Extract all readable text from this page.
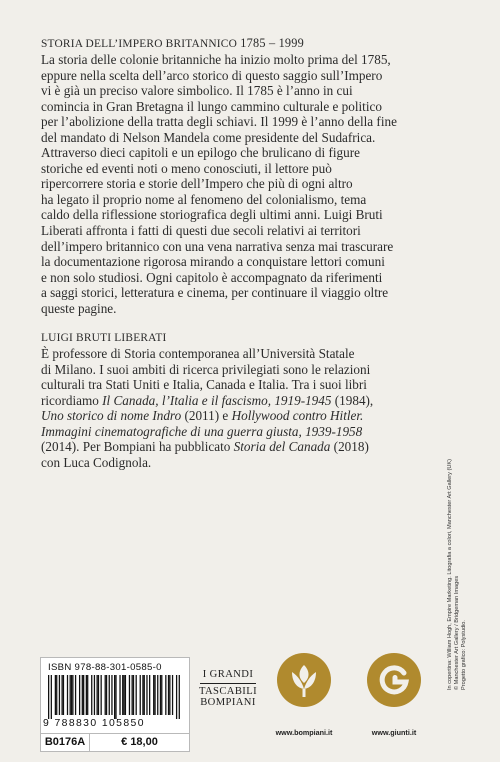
STORIA DELL’IMPERO BRITANNICO 1785 – 1999

La storia delle colonie britanniche ha inizio molto prima del 1785,

eppure nella scelta dell’arco storico di questo saggio sull’Impero

vi è già un preciso valore simbolico. Il 1785 è l’anno in cui

comincia in Gran Bretagna il lungo cammino culturale e politico

per l’abolizione della tratta degli schiavi. Il 1999 è l’anno della fine

del mandato di Nelson Mandela come presidente del Sudafrica.

Attraverso dieci capitoli e un epilogo che brulicano di figure

storiche ed eventi noti o meno conosciuti, il lettore può

ripercorrere storia e storie dell’Impero che più di ogni altro

ha legato il proprio nome al fenomeno del colonialismo, tema

caldo della riflessione storiografica degli ultimi anni. Luigi Bruti

Liberati affronta i fatti di questi due secoli relativi ai territori

dell’impero britannico con una vena narrativa senza mai trascurare

la documentazione rigorosa mirando a conquistare lettori comuni

e non solo studiosi. Ogni capitolo è accompagnato da riferimenti

a saggi storici, letteratura e cinema, per continuare il viaggio oltre

queste pagine.

LUIGI BRUTI LIBERATI

È professore di Storia contemporanea all’Università Statale

di Milano. I suoi ambiti di ricerca privilegiati sono le relazioni

culturali tra Stati Uniti e Italia, Canada e Italia. Tra i suoi libri

ricordiamo Il Canada, l’Italia e il fascismo, 1919-1945 (1984),

Uno storico di nome Indro (2011) e Hollywood contro Hitler.

Immagini cinematografiche di una guerra giusta, 1939-1958

(2014). Per Bompiani ha pubblicato Storia del Canada (2018)

con Luca Codignola.	In copertina: William Hogh, Empire Marketing. Litografia a colori, Manchester Art Gallery (UK) © Manchester Art Gallery / Bridgeman Images Progetto grafico: Polystudio.
ISBN 978-88-301-0585-0
9 788830 105850
B0176A	€ 18,00
I GRANDI
TASCABILI
BOMPIANI
www.bompiani.it	www.giunti.it
